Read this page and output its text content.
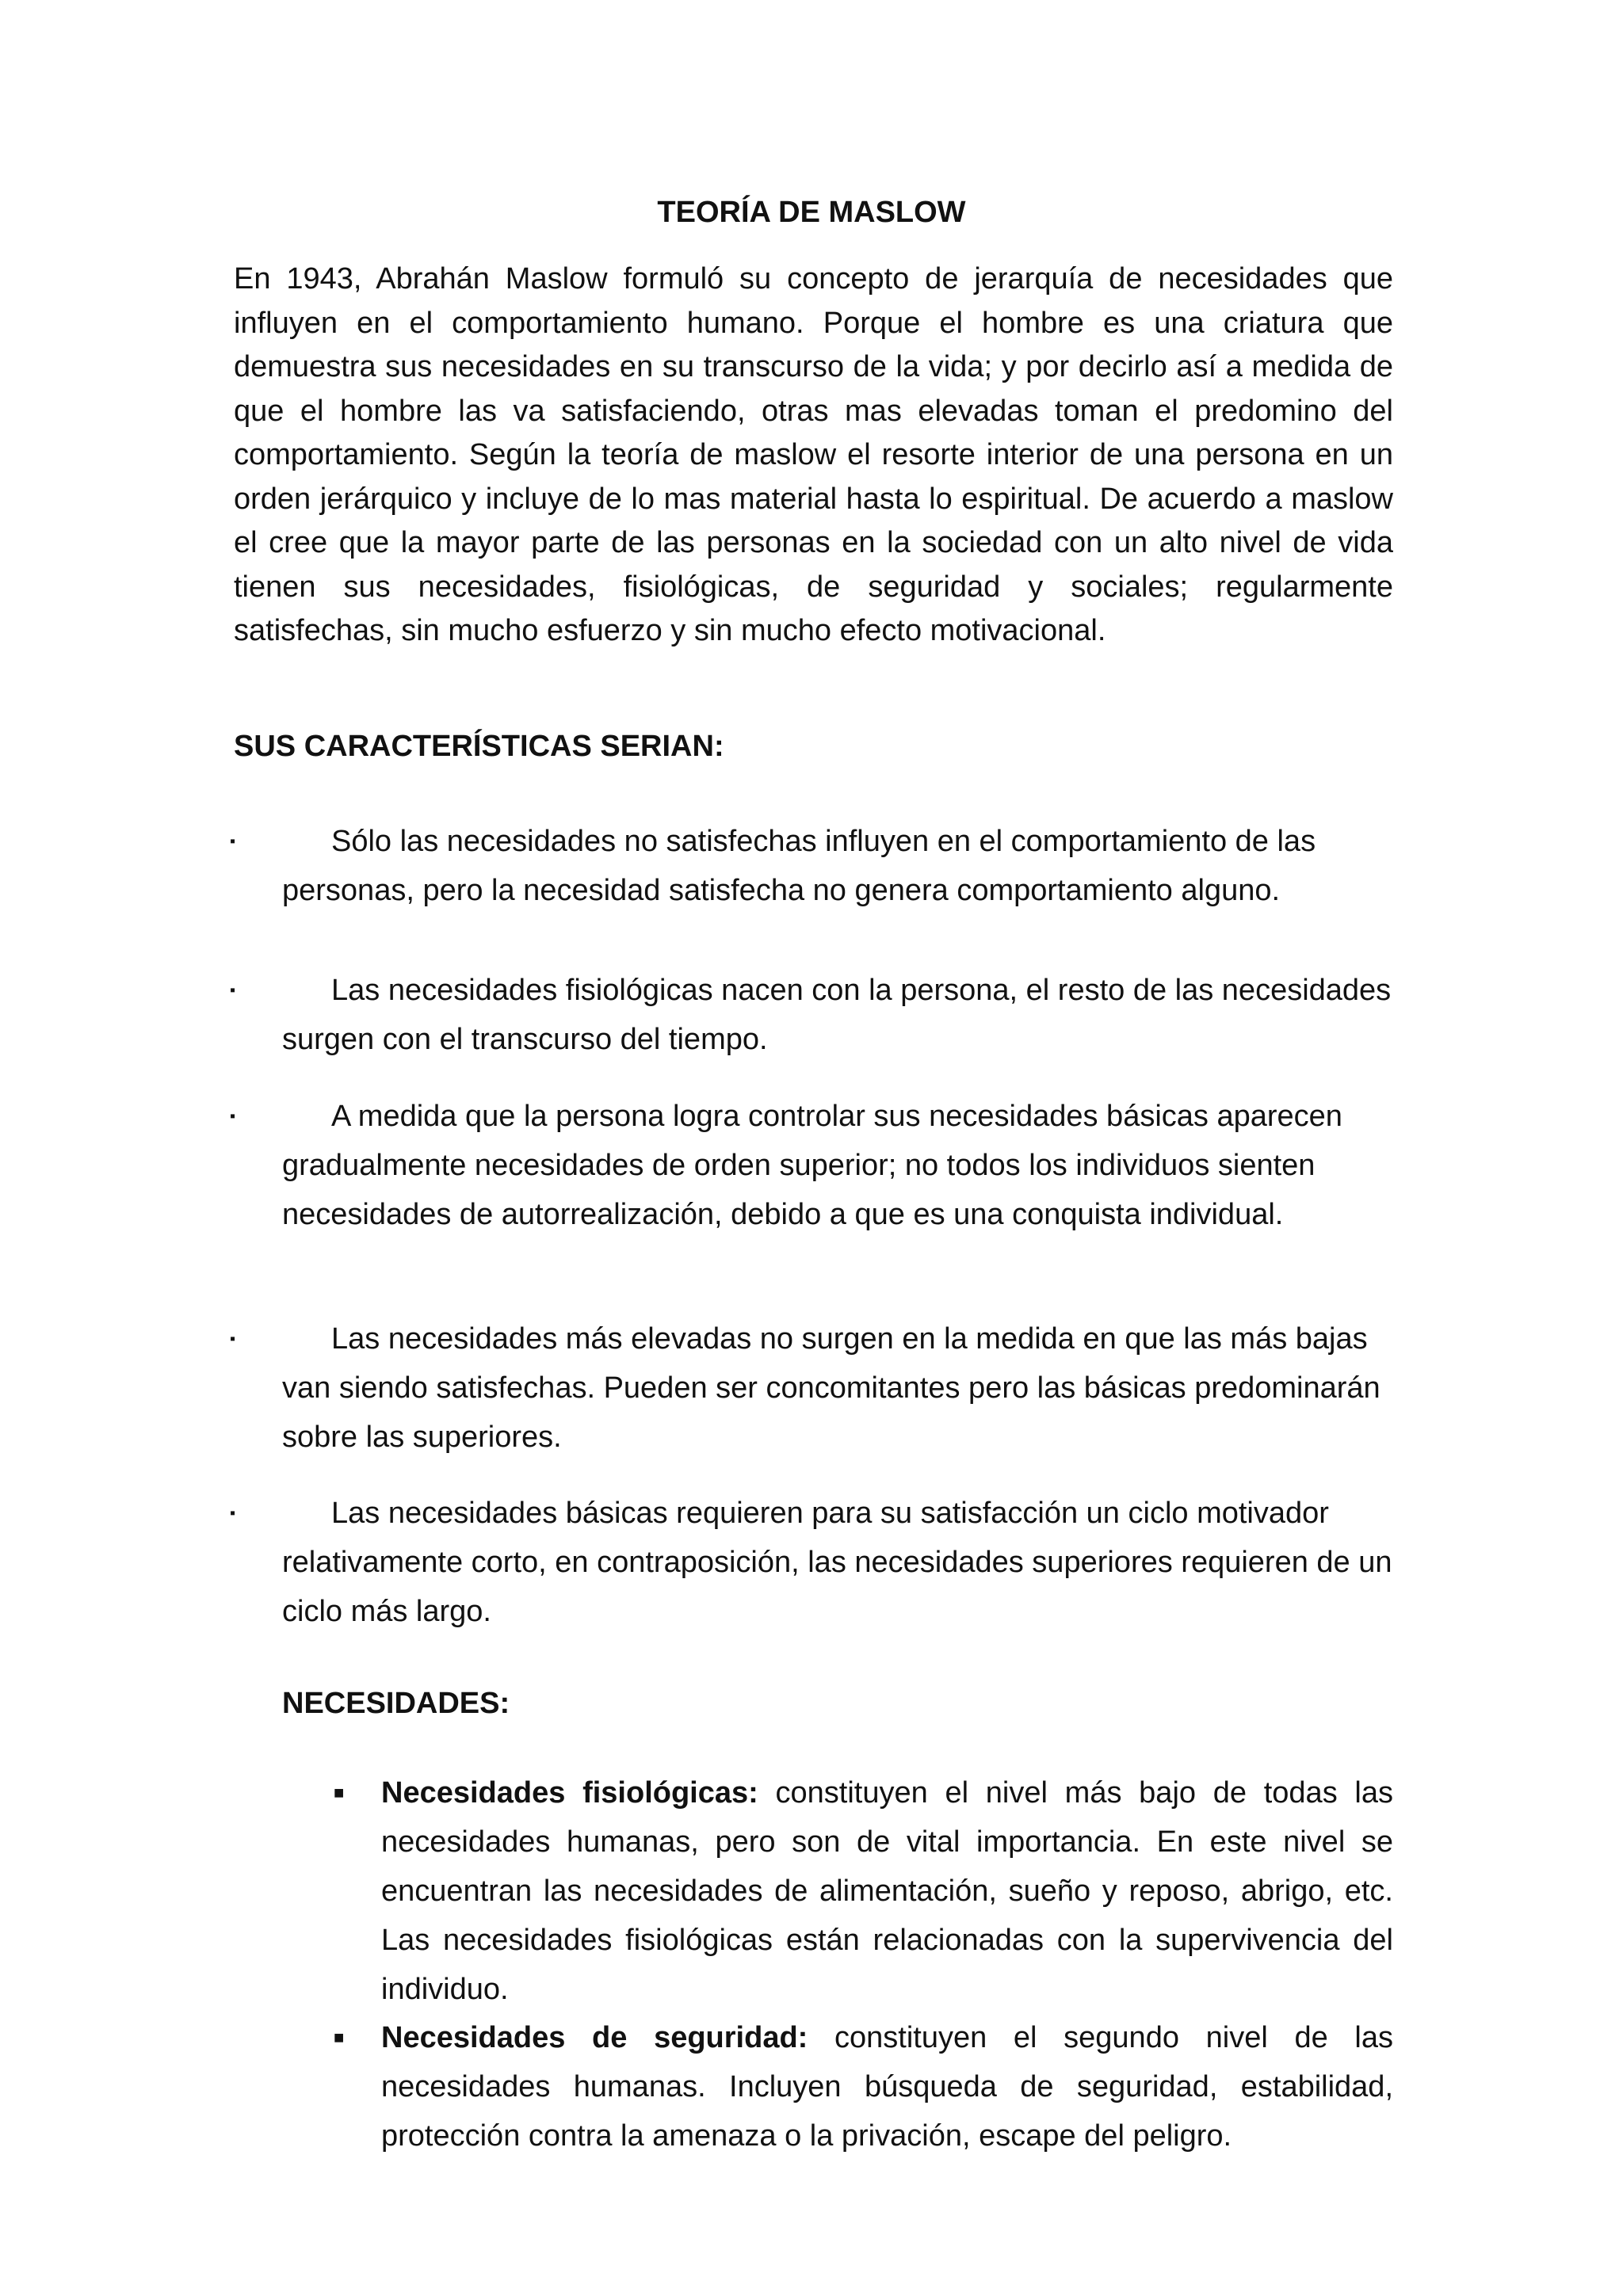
TEORÍA DE MASLOW

En 1943, Abrahán Maslow formuló su concepto de jerarquía de necesidades que influyen en el comportamiento humano. Porque el hombre es una criatura que demuestra sus necesidades en su transcurso de la vida; y por decirlo así a medida de que el hombre las va satisfaciendo, otras mas elevadas toman el predomino del comportamiento. Según la teoría de maslow el resorte interior de una persona en un orden jerárquico y incluye de lo mas material hasta lo espiritual. De acuerdo a maslow el cree que la mayor parte de las personas en la sociedad con un alto nivel de vida tienen sus necesidades, fisiológicas, de seguridad y sociales; regularmente satisfechas, sin mucho esfuerzo y sin mucho efecto motivacional.

SUS CARACTERÍSTICAS SERIAN:
▪	Sólo las necesidades no satisfechas influyen en el comportamiento de las personas, pero la necesidad satisfecha no genera comportamiento alguno.
▪	Las necesidades fisiológicas nacen con la persona, el resto de las necesidades surgen con el transcurso del tiempo.
▪	A medida que la persona logra controlar sus necesidades básicas aparecen gradualmente necesidades de orden superior; no todos los individuos sienten necesidades de autorrealización, debido a que es una conquista individual.
▪	Las necesidades más elevadas no surgen en la medida en que las más bajas van siendo satisfechas. Pueden ser concomitantes pero las básicas predominarán sobre las superiores.
▪	Las necesidades básicas requieren para su satisfacción un ciclo motivador relativamente corto, en contraposición, las necesidades superiores requieren de un ciclo más largo.
NECESIDADES:
■ Necesidades fisiológicas: constituyen el nivel más bajo de todas las necesidades humanas, pero son de vital importancia. En este nivel se encuentran las necesidades de alimentación, sueño y reposo, abrigo, etc. Las necesidades fisiológicas están relacionadas con la supervivencia del individuo.
■ Necesidades de seguridad: constituyen el segundo nivel de las necesidades humanas. Incluyen búsqueda de seguridad, estabilidad, protección contra la amenaza o la privación, escape del peligro.
